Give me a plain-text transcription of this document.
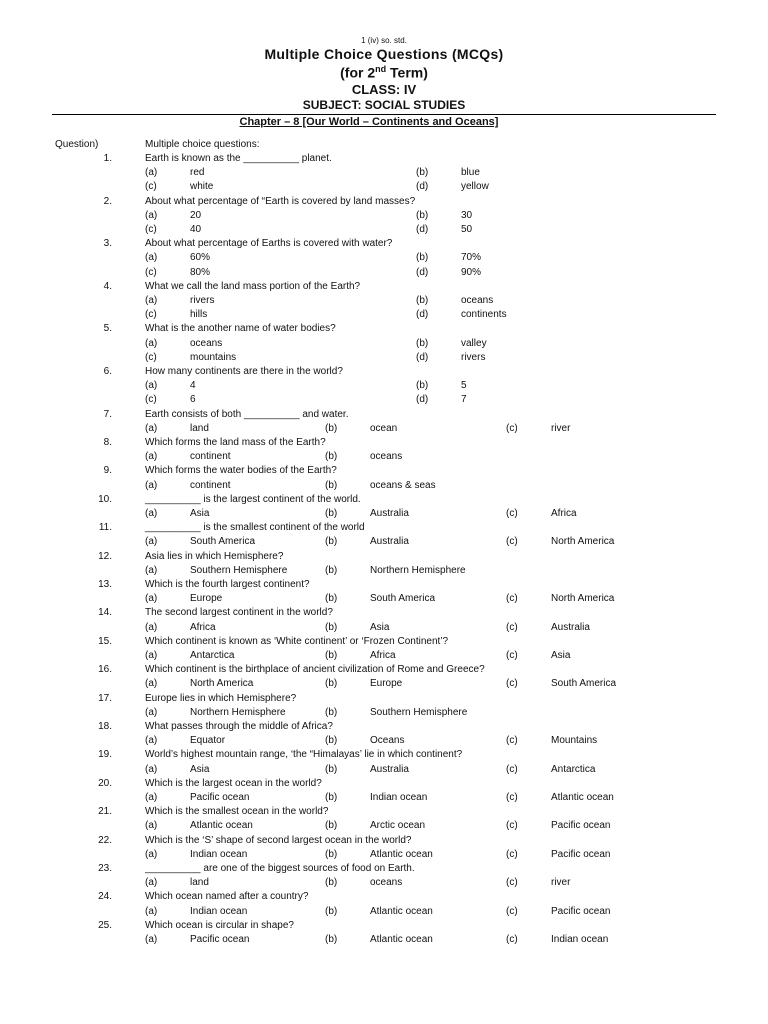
1 (iv) so. std.
Multiple Choice Questions (MCQs)
(for 2nd Term)
CLASS: IV
SUBJECT: SOCIAL STUDIES
Chapter – 8 [Our World – Continents and Oceans]
Question)	Multiple choice questions:
1.	Earth is known as the __________ planet.
(a)	red	(b)	blue
(c)	white	(d)	yellow
2.	About what percentage of “Earth is covered by land masses?
(a)	20	(b)	30
(c)	40	(d)	50
3.	About what percentage of Earths is covered with water?
(a)	60%	(b)	70%
(c)	80%	(d)	90%
4.	What we call the land mass portion of the Earth?
(a)	rivers	(b)	oceans
(c)	hills	(d)	continents
5.	What is the another name of water bodies?
(a)	oceans	(b)	valley
(c)	mountains	(d)	rivers
6.	How many continents are there in the world?
(a)	4	(b)	5
(c)	6	(d)	7
7.	Earth consists of both __________ and water.
(a)	land	(b)	ocean	(c)	river
8.	Which forms the land mass of the Earth?
(a)	continent	(b)	oceans
9.	Which forms the water bodies of the Earth?
(a)	continent	(b)	oceans & seas
10.	__________ is the largest continent of the world.
(a)	Asia	(b)	Australia	(c)	Africa
11.	__________ is the smallest continent of the world
(a)	South America	(b)	Australia	(c)	North America
12.	Asia lies in which Hemisphere?
(a)	Southern Hemisphere	(b)	Northern Hemisphere
13.	Which is the fourth largest continent?
(a)	Europe	(b)	South America	(c)	North America
14.	The second largest continent in the world?
(a)	Africa	(b)	Asia	(c)	Australia
15.	Which continent is known as ‘White continent’ or ‘Frozen Continent’?
(a)	Antarctica	(b)	Africa	(c)	Asia
16.	Which continent is the birthplace of ancient civilization of Rome and Greece?
(a)	North America	(b)	Europe	(c)	South America
17.	Europe lies in which Hemisphere?
(a)	Northern Hemisphere	(b)	Southern Hemisphere
18.	What passes through the middle of Africa?
(a)	Equator	(b)	Oceans	(c)	Mountains
19.	World’s highest mountain range, ‘the “Himalayas’ lie in which continent?
(a)	Asia	(b)	Australia	(c)	Antarctica
20.	Which is the largest ocean in the world?
(a)	Pacific ocean	(b)	Indian ocean	(c)	Atlantic ocean
21.	Which is the smallest ocean in the world?
(a)	Atlantic ocean	(b)	Arctic ocean	(c)	Pacific ocean
22.	Which is the ‘S’ shape of second largest ocean in the world?
(a)	Indian ocean	(b)	Atlantic ocean	(c)	Pacific ocean
23.	__________ are one of the biggest sources of food on Earth.
(a)	land	(b)	oceans	(c)	river
24.	Which ocean named after a country?
(a)	Indian ocean	(b)	Atlantic ocean	(c)	Pacific ocean
25.	Which ocean is circular in shape?
(a)	Pacific ocean	(b)	Atlantic ocean	(c)	Indian ocean
